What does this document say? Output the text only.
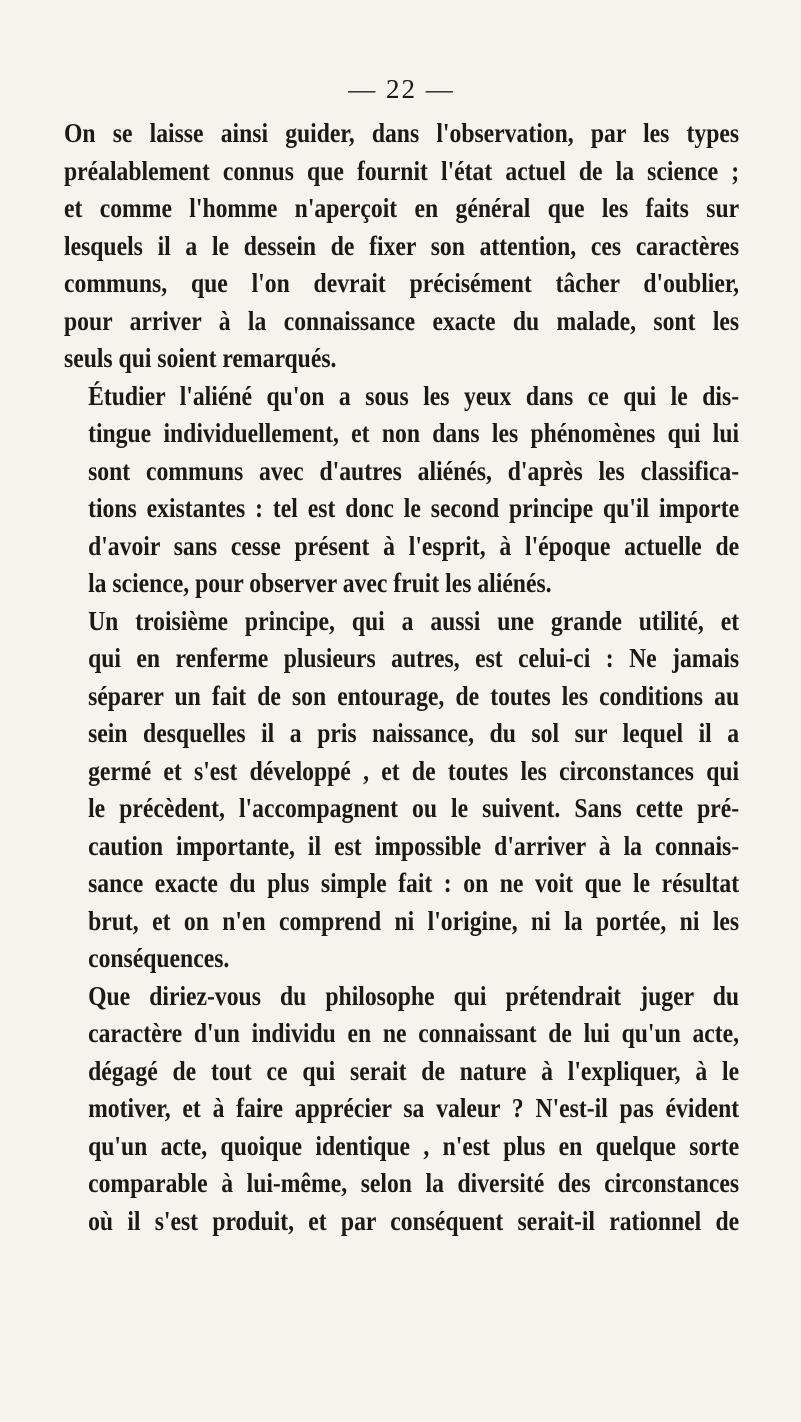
— 22 —

On se laisse ainsi guider, dans l'observation, par les types
préalablement connus que fournit l'état actuel de la science ;
et comme l'homme n'aperçoit en général que les faits sur
lesquels il a le dessein de fixer son attention, ces caractères
communs, que l'on devrait précisément tâcher d'oublier,
pour arriver à la connaissance exacte du malade, sont les
seuls qui soient remarqués.

Étudier l'aliéné qu'on a sous les yeux dans ce qui le dis-
tingue individuellement, et non dans les phénomènes qui lui
sont communs avec d'autres aliénés, d'après les classifica-
tions existantes : tel est donc le second principe qu'il importe
d'avoir sans cesse présent à l'esprit, à l'époque actuelle de
la science, pour observer avec fruit les aliénés.

Un troisième principe, qui a aussi une grande utilité, et
qui en renferme plusieurs autres, est celui-ci : Ne jamais
séparer un fait de son entourage, de toutes les conditions au
sein desquelles il a pris naissance, du sol sur lequel il a
germé et s'est développé , et de toutes les circonstances qui
le précèdent, l'accompagnent ou le suivent. Sans cette pré-
caution importante, il est impossible d'arriver à la connais-
sance exacte du plus simple fait : on ne voit que le résultat
brut, et on n'en comprend ni l'origine, ni la portée, ni les
conséquences.

Que diriez-vous du philosophe qui prétendrait juger du
caractère d'un individu en ne connaissant de lui qu'un acte,
dégagé de tout ce qui serait de nature à l'expliquer, à le
motiver, et à faire apprécier sa valeur ? N'est-il pas évident
qu'un acte, quoique identique , n'est plus en quelque sorte
comparable à lui-même, selon la diversité des circonstances
où il s'est produit, et par conséquent serait-il rationnel de
